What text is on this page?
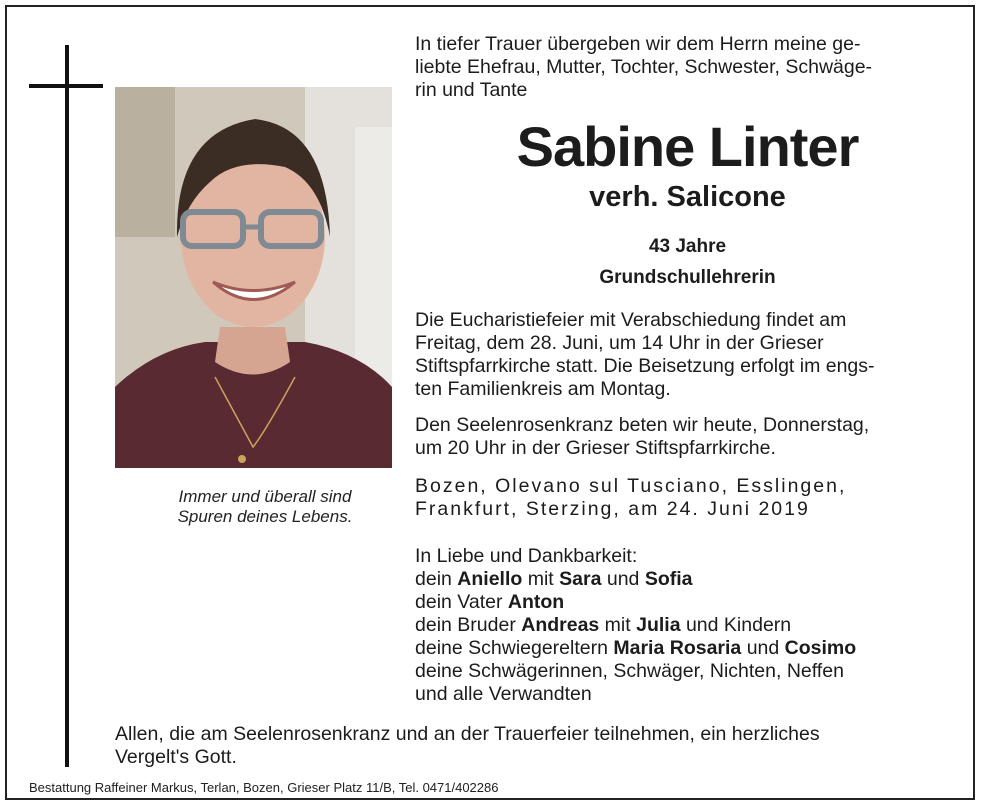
Immer und überall sind
Spuren deines Lebens.
In tiefer Trauer übergeben wir dem Herrn meine ge-
liebte Ehefrau, Mutter, Tochter, Schwester, Schwäge-
rin und Tante
Sabine Linter
verh. Salicone
43 Jahre
Grundschullehrerin
Die Eucharistiefeier mit Verabschiedung findet am
Freitag, dem 28. Juni, um 14 Uhr in der Grieser
Stiftspfarrkirche statt. Die Beisetzung erfolgt im engs-
ten Familienkreis am Montag.
Den Seelenrosenkranz beten wir heute, Donnerstag,
um 20 Uhr in der Grieser Stiftspfarrkirche.
Bozen, Olevano sul Tusciano, Esslingen,
Frankfurt, Sterzing, am 24. Juni 2019
In Liebe und Dankbarkeit:
dein Aniello mit Sara und Sofia
dein Vater Anton
dein Bruder Andreas mit Julia und Kindern
deine Schwiegereltern Maria Rosaria und Cosimo
deine Schwägerinnen, Schwäger, Nichten, Neffen
und alle Verwandten
Allen, die am Seelenrosenkranz und an der Trauerfeier teilnehmen, ein herzliches
Vergelt's Gott.
Bestattung Raffeiner Markus, Terlan, Bozen, Grieser Platz 11/B, Tel. 0471/402286
